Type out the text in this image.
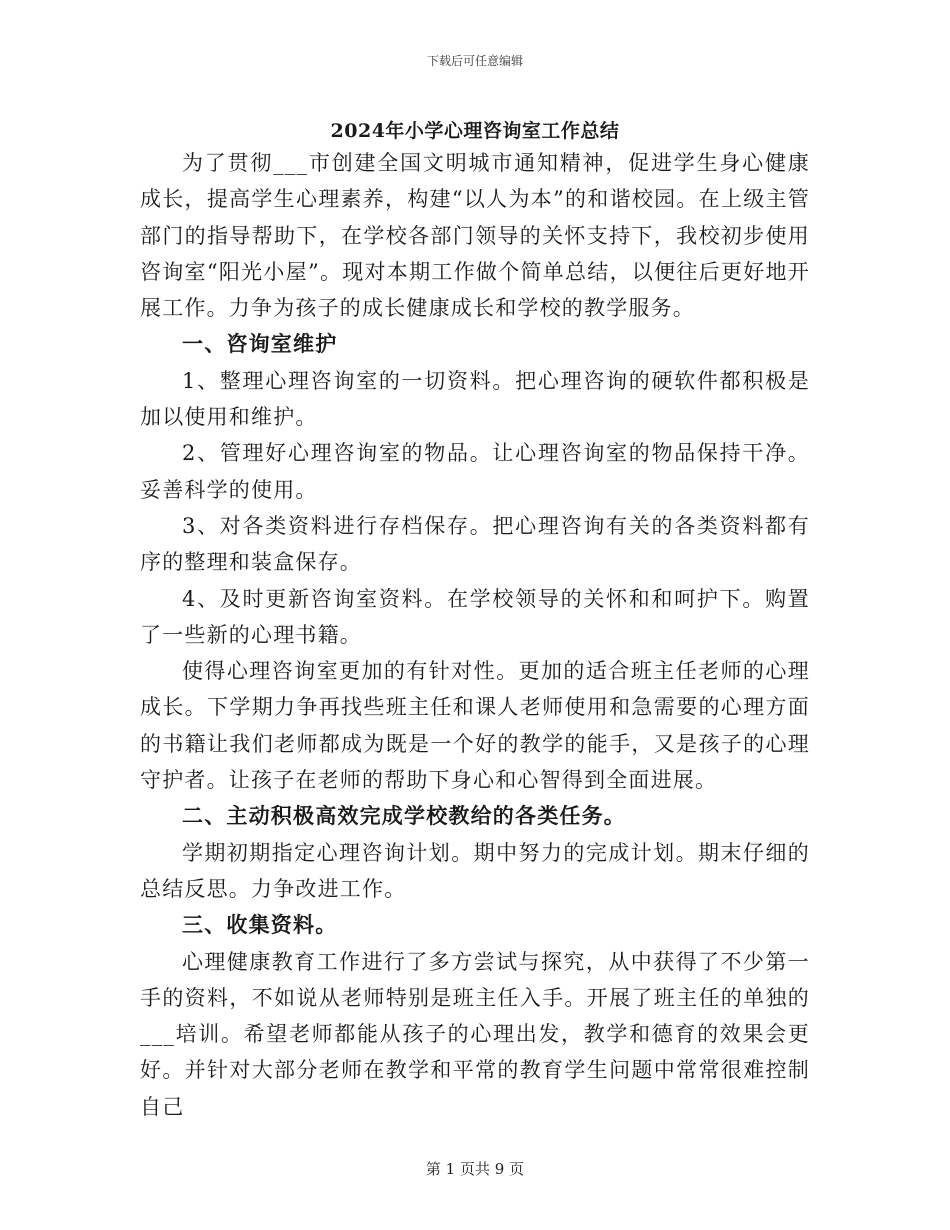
下载后可任意编辑
2024年小学心理咨询室工作总结

为了贯彻___市创建全国文明城市通知精神，促进学生身心健康成长，提高学生心理素养，构建“以人为本”的和谐校园。在上级主管部门的指导帮助下，在学校各部门领导的关怀支持下，我校初步使用咨询室“阳光小屋”。现对本期工作做个简单总结，以便往后更好地开展工作。力争为孩子的成长健康成长和学校的教学服务。

一、咨询室维护

1、整理心理咨询室的一切资料。把心理咨询的硬软件都积极是加以使用和维护。

2、管理好心理咨询室的物品。让心理咨询室的物品保持干净。妥善科学的使用。

3、对各类资料进行存档保存。把心理咨询有关的各类资料都有序的整理和装盒保存。

4、及时更新咨询室资料。在学校领导的关怀和和呵护下。购置了一些新的心理书籍。

使得心理咨询室更加的有针对性。更加的适合班主任老师的心理成长。下学期力争再找些班主任和课人老师使用和急需要的心理方面的书籍让我们老师都成为既是一个好的教学的能手，又是孩子的心理守护者。让孩子在老师的帮助下身心和心智得到全面进展。

二、主动积极高效完成学校教给的各类任务。

学期初期指定心理咨询计划。期中努力的完成计划。期末仔细的总结反思。力争改进工作。

三、收集资料。

心理健康教育工作进行了多方尝试与探究，从中获得了不少第一手的资料，不如说从老师特别是班主任入手。开展了班主任的单独的___培训。希望老师都能从孩子的心理出发，教学和德育的效果会更好。并针对大部分老师在教学和平常的教育学生问题中常常很难控制自己

第 1 页共 9 页
